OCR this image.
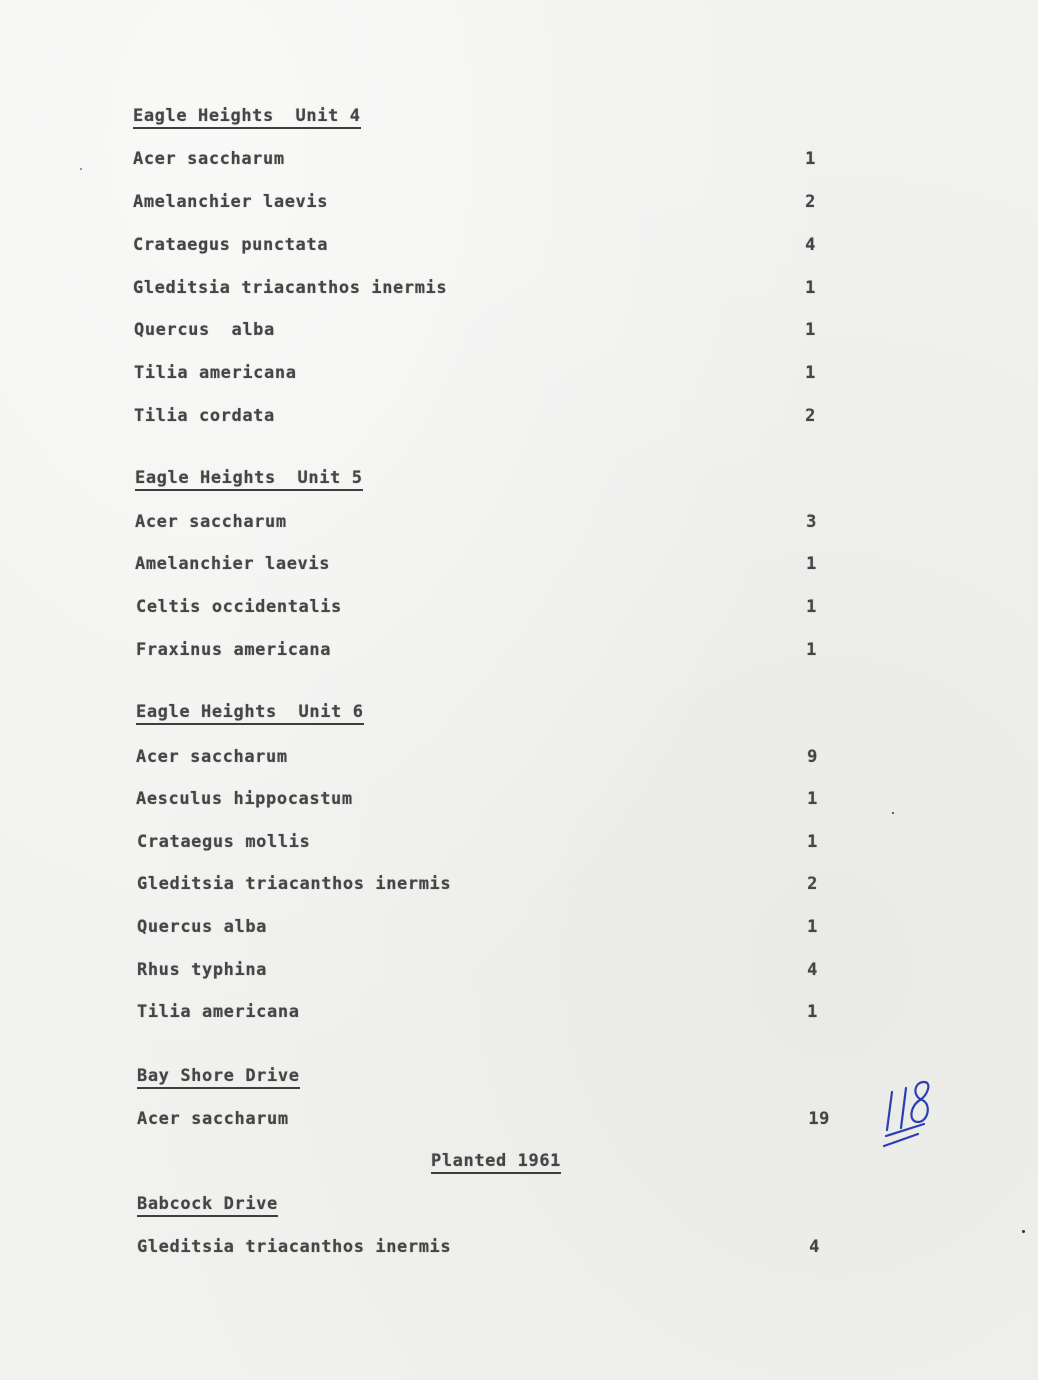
Eagle Heights  Unit 4
Acer saccharum	1
Amelanchier laevis	2
Crataegus punctata	4
Gleditsia triacanthos inermis	1
Quercus  alba	1
Tilia americana	1
Tilia cordata	2
Eagle Heights  Unit 5
Acer saccharum	3
Amelanchier laevis	1
Celtis occidentalis	1
Fraxinus americana	1
Eagle Heights  Unit 6
Acer saccharum	9
Aesculus hippocastum	1
Crataegus mollis	1
Gleditsia triacanthos inermis	2
Quercus alba	1
Rhus typhina	4
Tilia americana	1
Bay Shore Drive
Acer saccharum	19
Planted 1961
Babcock Drive
Gleditsia triacanthos inermis	4
